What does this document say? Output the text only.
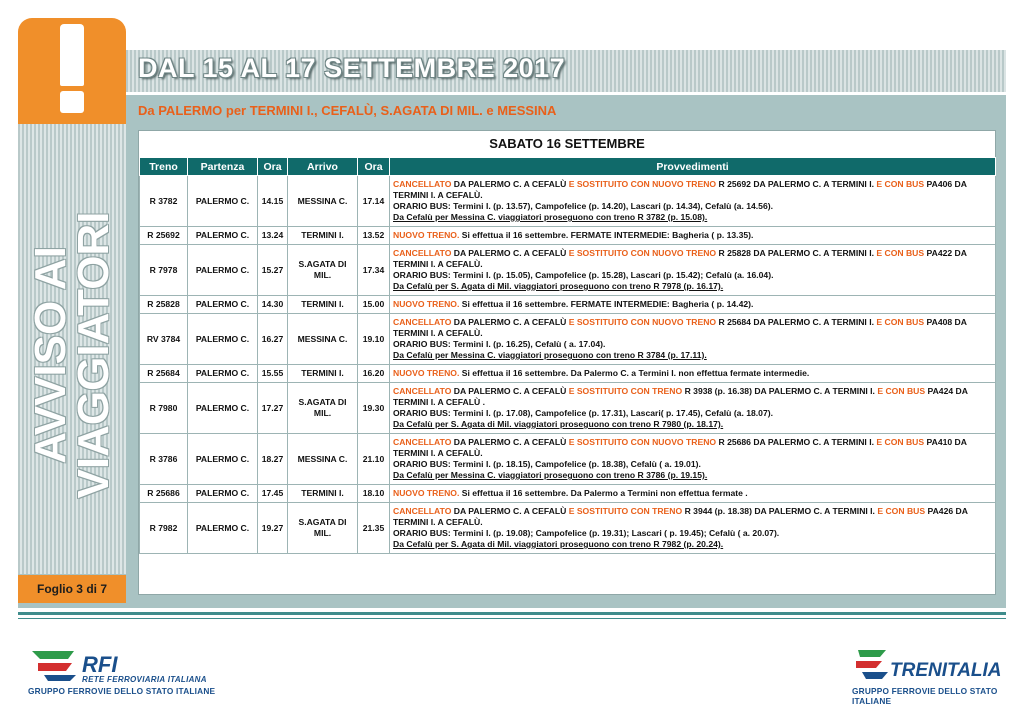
DAL 15 AL 17 SETTEMBRE 2017
Da PALERMO per TERMINI I., CEFALÙ, S.AGATA DI MIL. e MESSINA
AVVISO AI
VIAGGIATORI
Foglio 3 di 7
SABATO 16 SETTEMBRE
Treno	Partenza	Ora	Arrivo	Ora	Provvedimenti
R 3782	PALERMO C.	14.15	MESSINA C.	17.14	CANCELLATO DA PALERMO C. A CEFALÙ E SOSTITUITO CON NUOVO TRENO R 25692 DA PALERMO C. A TERMINI I. E CON BUS PA406 DA TERMINI I. A CEFALÙ.
ORARIO BUS: Termini I. (p. 13.57), Campofelice (p. 14.20), Lascari (p. 14.34), Cefalù (a. 14.56).
Da Cefalù per Messina C. viaggiatori proseguono con treno R 3782 (p. 15.08).

R 25692	PALERMO C.	13.24	TERMINI I.	13.52	NUOVO TRENO. Si effettua il 16 settembre. FERMATE INTERMEDIE: Bagheria ( p. 13.35).

R 7978	PALERMO C.	15.27	S.AGATA DI MIL.	17.34	CANCELLATO DA PALERMO C. A CEFALÙ E SOSTITUITO CON NUOVO TRENO R 25828 DA PALERMO C. A TERMINI I. E CON BUS PA422 DA TERMINI I. A CEFALÙ.
ORARIO BUS: Termini I. (p. 15.05), Campofelice (p. 15.28), Lascari (p. 15.42); Cefalù (a. 16.04).
Da Cefalù per S. Agata di Mil. viaggiatori proseguono con treno R 7978 (p. 16.17).

R 25828	PALERMO C.	14.30	TERMINI I.	15.00	NUOVO TRENO. Si effettua il 16 settembre. FERMATE INTERMEDIE: Bagheria ( p. 14.42).

RV 3784	PALERMO C.	16.27	MESSINA C.	19.10	CANCELLATO DA PALERMO C. A CEFALÙ E SOSTITUITO CON NUOVO TRENO R 25684 DA PALERMO C. A TERMINI I. E CON BUS PA408 DA TERMINI I. A CEFALÙ.
ORARIO BUS: Termini I. (p. 16.25), Cefalù ( a. 17.04).
Da Cefalù per Messina C. viaggiatori proseguono con treno R 3784 (p. 17.11).

R 25684	PALERMO C.	15.55	TERMINI I.	16.20	NUOVO TRENO. Si effettua il 16 settembre. Da Palermo C. a Termini I. non effettua fermate intermedie.

R 7980	PALERMO C.	17.27	S.AGATA DI MIL.	19.30	CANCELLATO DA PALERMO C. A CEFALÙ E SOSTITUITO CON TRENO R 3938 (p. 16.38) DA PALERMO C. A TERMINI I. E CON BUS PA424 DA TERMINI I. A CEFALÙ .
ORARIO BUS: Termini I. (p. 17.08), Campofelice (p. 17.31), Lascari( p. 17.45), Cefalù (a. 18.07).
Da Cefalù per S. Agata di Mil. viaggiatori proseguono con treno R 7980 (p. 18.17).

R 3786	PALERMO C.	18.27	MESSINA C.	21.10	CANCELLATO DA PALERMO C. A CEFALÙ E SOSTITUITO CON NUOVO TRENO R 25686 DA PALERMO C. A TERMINI I. E CON BUS PA410 DA TERMINI I. A CEFALÙ.
ORARIO BUS: Termini I. (p. 18.15), Campofelice (p. 18.38), Cefalù ( a. 19.01).
Da Cefalù per Messina C. viaggiatori proseguono con treno R 3786 (p. 19.15).

R 25686	PALERMO C.	17.45	TERMINI I.	18.10	NUOVO TRENO. Si effettua il 16 settembre. Da Palermo a Termini non effettua fermate .

R 7982	PALERMO C.	19.27	S.AGATA DI MIL.	21.35	CANCELLATO DA PALERMO C. A CEFALÙ E SOSTITUITO CON TRENO R 3944 (p. 18.38) DA PALERMO C. A TERMINI I. E CON BUS PA426 DA TERMINI I. A CEFALÙ.
ORARIO BUS: Termini I. (p. 19.08); Campofelice (p. 19.31); Lascari ( p. 19.45); Cefalù ( a. 20.07).
Da Cefalù per S. Agata di Mil. viaggiatori proseguono con treno R 7982 (p. 20.24).
RFI
RETE FERROVIARIA ITALIANA
GRUPPO FERROVIE DELLO STATO ITALIANE
TRENITALIA
GRUPPO FERROVIE DELLO STATO ITALIANE
